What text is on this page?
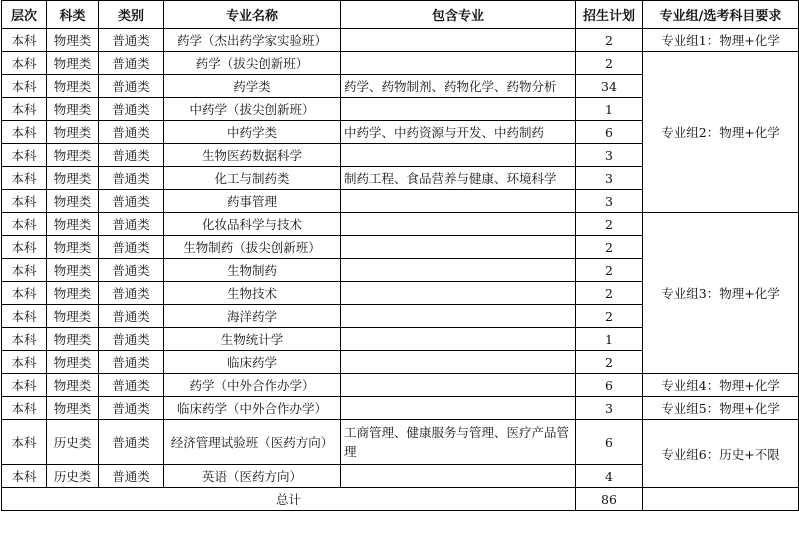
层次	科类	类别	专业名称	包含专业	招生计划	专业组/选考科目要求
本科	物理类	普通类	药学（杰出药学家实验班）		2	专业组1：物理+化学
本科	物理类	普通类	药学（拔尖创新班）		2	专业组2：物理+化学
本科	物理类	普通类	药学类	药学、药物制剂、药物化学、药物分析	34	
本科	物理类	普通类	中药学（拔尖创新班）		1	
本科	物理类	普通类	中药学类	中药学、中药资源与开发、中药制药	6	
本科	物理类	普通类	生物医药数据科学		3	
本科	物理类	普通类	化工与制药类	制药工程、食品营养与健康、环境科学	3	
本科	物理类	普通类	药事管理		3	
本科	物理类	普通类	化妆品科学与技术		2	专业组3：物理+化学
本科	物理类	普通类	生物制药（拔尖创新班）		2	
本科	物理类	普通类	生物制药		2	
本科	物理类	普通类	生物技术		2	
本科	物理类	普通类	海洋药学		2	
本科	物理类	普通类	生物统计学		1	
本科	物理类	普通类	临床药学		2	
本科	物理类	普通类	药学（中外合作办学）		6	专业组4：物理+化学
本科	物理类	普通类	临床药学（中外合作办学）		3	专业组5：物理+化学
本科	历史类	普通类	经济管理试验班（医药方向）	工商管理、健康服务与管理、医疗产品管理	6	专业组6：历史+不限
本科	历史类	普通类	英语（医药方向）		4	
总计					86	
